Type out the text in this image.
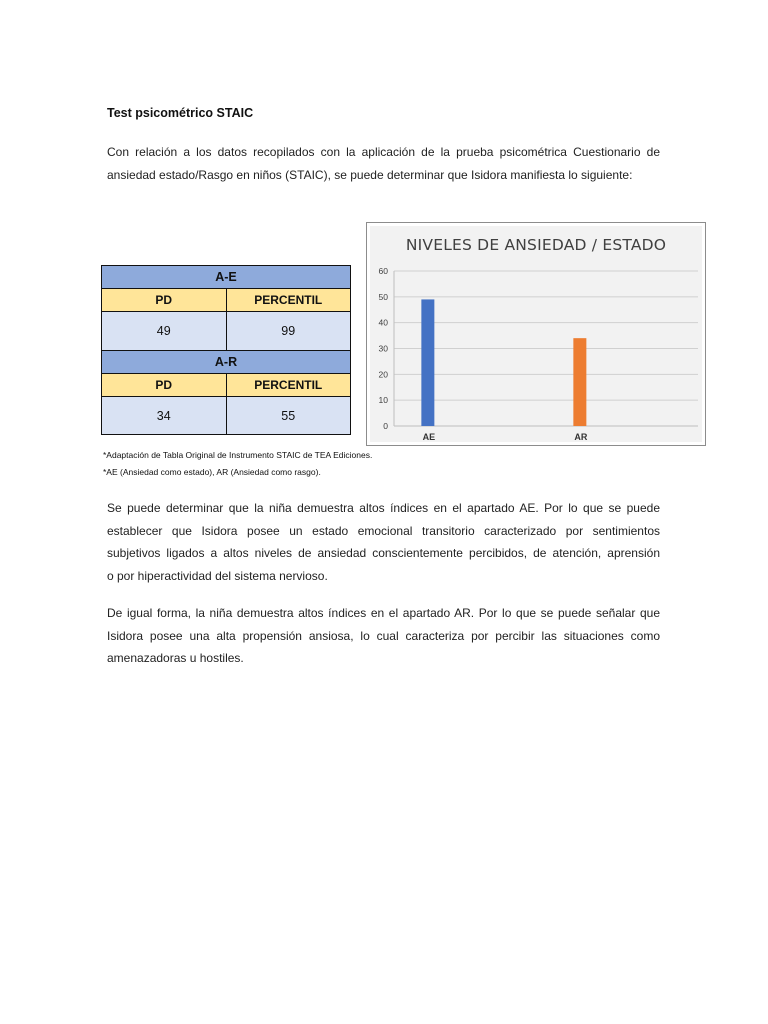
Test psicométrico STAIC
Con relación a los datos recopilados con la aplicación de la prueba psicométrica Cuestionario de
ansiedad estado/Rasgo en niños (STAIC), se puede determinar que Isidora manifiesta lo siguiente:
A-E	
PD	PERCENTIL
49	99
A-R	
PD	PERCENTIL
34	55
*Adaptación de Tabla Original de Instrumento STAIC de TEA Ediciones.
*AE (Ansiedad como estado), AR (Ansiedad como rasgo).
NIVELES DE ANSIEDAD / ESTADO
0
10
20
30
40
50
60
AE	AR
Se puede determinar que la niña demuestra altos índices en el apartado AE. Por lo que se puede
establecer que Isidora posee un estado emocional transitorio caracterizado por sentimientos
subjetivos ligados a altos niveles de ansiedad conscientemente percibidos, de atención, aprensión
o por hiperactividad del sistema nervioso.
De igual forma, la niña demuestra altos índices en el apartado AR. Por lo que se puede señalar que
Isidora posee una alta propensión ansiosa, lo cual caracteriza por percibir las situaciones como
amenazadoras u hostiles.
